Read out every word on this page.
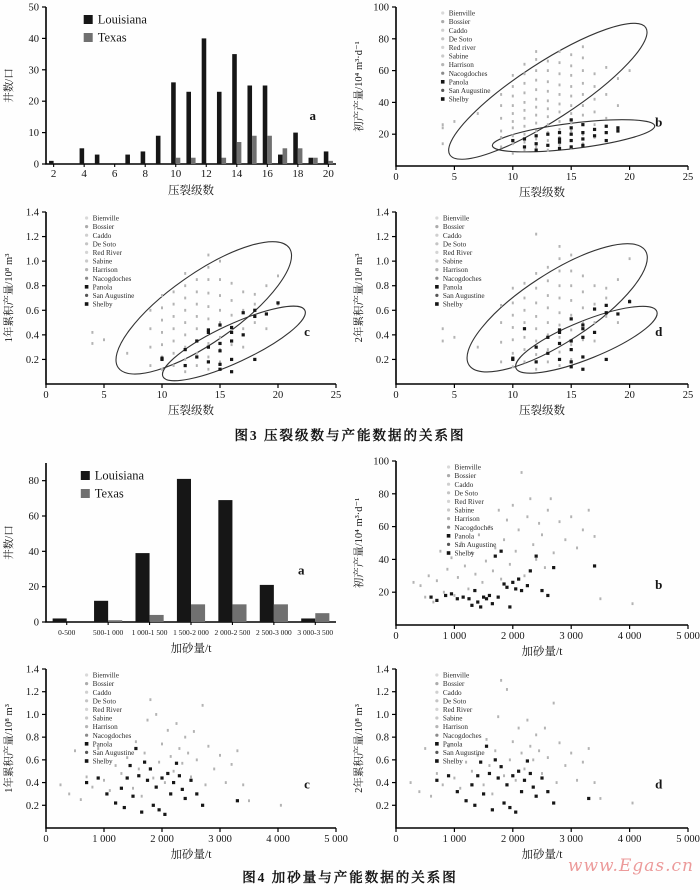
0
10
20
30
40
50
2 4 6 8 10 12 14 16 18 20
Louisiana
Texas
a
压裂级数
井数/口
20
40
60
80
100
0	5	10	15	20	25
Bienville
Bossier
Caddo
De Soto
Red river
Sabine
Harrison
Nacogdoches
Panola
San Augustine
Shelby
b
压裂级数
初产产量/10⁴ m³·d⁻¹
0.2
0.4
0.6
0.8
1.0
1.2
1.4
0	5	10	15	20	25
Bienville
Bossier
Caddo
De Soto
Red River
Sabine
Harrison
Nacogdoches
Panola
San Augustine
Shelby
c
压裂级数
1年累积产量/10⁸ m³
0.2
0.4
0.6
0.8
1.0
1.2
1.4
0	5	10	15	20	25
Bienville
Bossier
Caddo
De Soto
Red River
Sabine
Harrison
Nacogdoches
Panola
San Augustine
Shelby
d
压裂级数
2年累积产量/10⁸ m³
图3 压裂级数与产能数据的关系图
0
20
40
60
80
0-500 500-1 000 1 000-1 500 1 500-2 000 2 000-2 500 2 500-3 000 3 000-3 500
Louisiana
Texas
a
加砂量/t
井数/口
20
40
60
80
100
0	1 000	2 000	3 000	4 000	5 000
Bienville
Bossier
Caddo
De Soto
Red River
Sabine
Harrison
Nacogdoches
Panola
San Augustine
Shelby
b
加砂量/t
初产产量/10⁴ m³·d⁻¹
0.2
0.4
0.6
0.8
1.0
1.2
1.4
0	1 000	2 000	3 000	4 000	5 000
Bienville
Bossier
Caddo
De Soto
Red River
Sabine
Harrison
Nacogdoches
Panola
San Augustine
Shelby
c
加砂量/t
1年累积产量/10⁸ m³
0.2
0.4
0.6
0.8
1.0
1.2
1.4
0	1 000	2 000	3 000	4 000	5 000
Bienville
Bossier
Caddo
De Soto
Red River
Sabine
Harrison
Nacogdoches
Panola
San Augustine
Shelby
d
加砂量/t
2年累积产量/10⁸ m³
图4 加砂量与产能数据的关系图
www.Egas.cn
